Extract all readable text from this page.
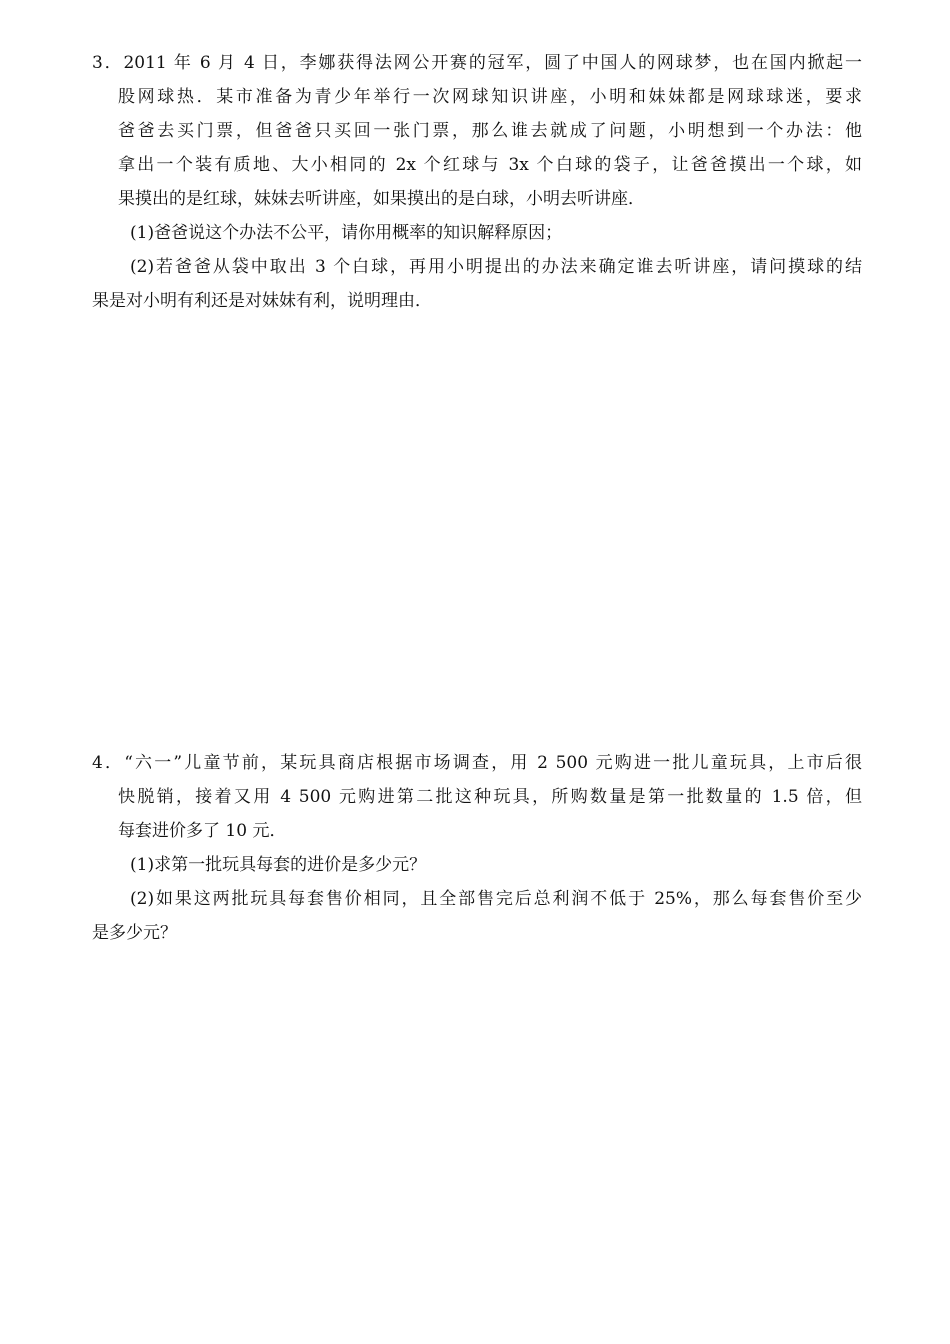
3．2011 年 6 月 4 日，李娜获得法网公开赛的冠军，圆了中国人的网球梦，也在国内掀起一
股网球热．某市准备为青少年举行一次网球知识讲座，小明和妹妹都是网球球迷，要求
爸爸去买门票，但爸爸只买回一张门票，那么谁去就成了问题，小明想到一个办法：他
拿出一个装有质地、大小相同的 2x 个红球与 3x 个白球的袋子，让爸爸摸出一个球，如
果摸出的是红球，妹妹去听讲座，如果摸出的是白球，小明去听讲座．
(1)爸爸说这个办法不公平，请你用概率的知识解释原因；
(2)若爸爸从袋中取出 3 个白球，再用小明提出的办法来确定谁去听讲座，请问摸球的结
果是对小明有利还是对妹妹有利，说明理由．
4．“六一”儿童节前，某玩具商店根据市场调查，用 2 500 元购进一批儿童玩具，上市后很
快脱销，接着又用 4 500 元购进第二批这种玩具，所购数量是第一批数量的 1.5 倍，但
每套进价多了 10 元．
(1)求第一批玩具每套的进价是多少元？
(2)如果这两批玩具每套售价相同，且全部售完后总利润不低于 25%，那么每套售价至少
是多少元？
